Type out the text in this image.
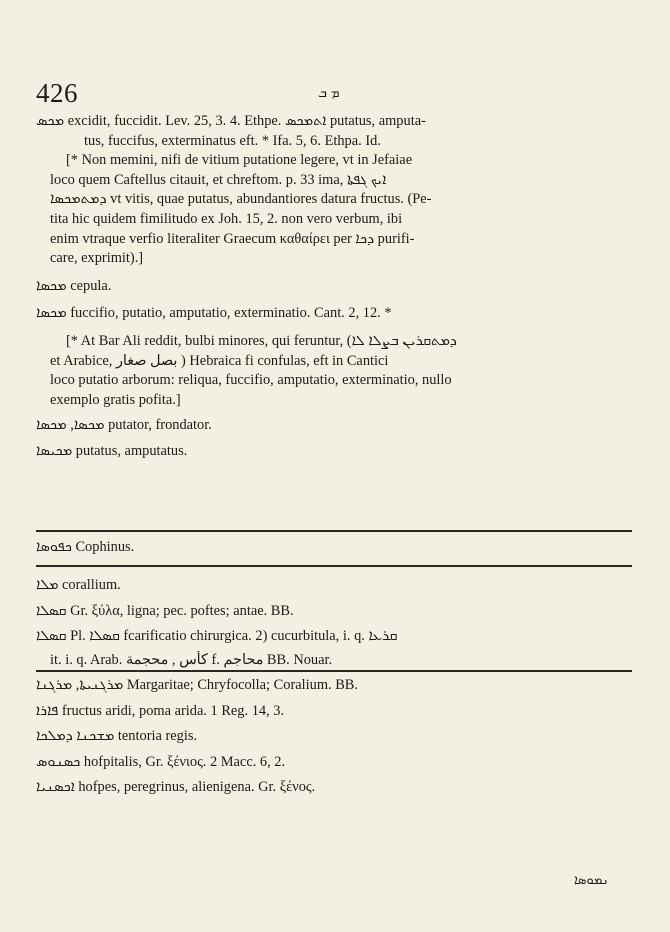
426	ܡ ܒ
ܡܟܣ excidit, fuccidit. Lev. 25, 3. 4. Ethpe. ܐܬܡܟܣ putatus, amputa-
tus, fuccifus, exterminatus eft. * Ifa. 5, 6. Ethpa. Id.
[* Non memini, nifi de vitium putatione legere, vt in Jefaiae
loco quem Caftellus citauit, et chreftom. p. 33 ima, ܐܝܟ ܓܦܬܐ
ܕܡܬܡܟܣܐ vt vitis, quae putatus, abundantiores datura fructus. (Pe-
tita hic quidem fimilitudo ex Joh. 15, 2. non vero verbum, ibi
enim vtraque verfio literaliter Graecum καθαίρει per ܕܟܐ purifi-
care, exprimit).]
ܡܟܣܐ cepula.
ܡܟܣܐ fuccifio, putatio, amputatio, exterminatio. Cant. 2, 12. *
[* At Bar Ali reddit, bulbi minores, qui feruntur, (ܕܡܬܩܪܝܢ ܒܨܠܐ ܠܐ
et Arabice, بصل صغار ) Hebraica fi confulas, eft in Cantici
loco putatio arborum: reliqua, fuccifio, amputatio, exterminatio, nullo
exemplo gratis pofita.]
ܡܟܣܐ, ܡܟܣܐ putator, frondator.
ܡܟܝܣܐ putatus, amputatus.
ܟܦܘܣܐ Cophinus.
ܡܠܐ corallium.
ܩܣܠܐ Gr. ξύλα, ligna; pec. poftes; antae. BB.
ܩܣܠܐ Pl. ܩܣܠܐ fcarificatio chirurgica. 2) cucurbitula, i. q. ܩܪܥܐ
it. i. q. Arab. كأس , محجمة f. محاجم BB. Nouar.
ܡܪܓܢܝܬܐ, ܡܪܓܢܐ Margaritae; Chryfocolla; Coralium. BB.
ܦܐܪܐ fructus aridi, poma arida. 1 Reg. 14, 3.
ܡܫܟܢܐ ܕܡܠܟܐ tentoria regis.
ܟܣܢܘܣ hofpitalis, Gr. ξένιος. 2 Macc. 6, 2.
ܐܟܣܢܝܐ hofpes, peregrinus, alienigena. Gr. ξένος.
ܢܡܘܣܐ
